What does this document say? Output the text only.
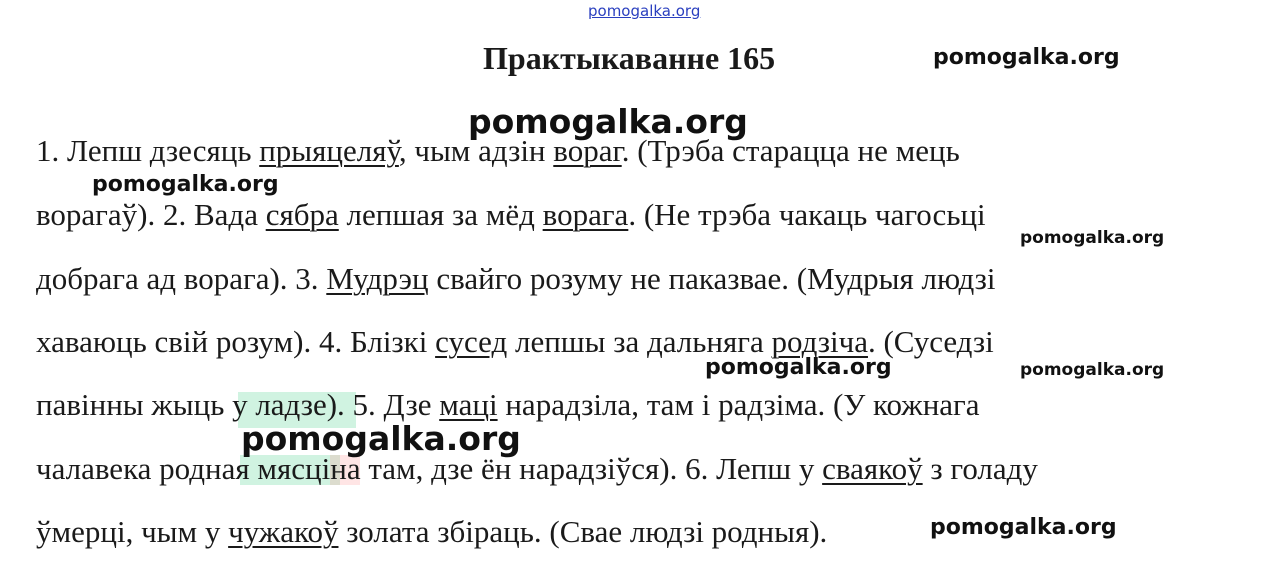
pomogalka.org
Практыкаванне 165
1. Лепш дзесяць прыяцеляў, чым адзін вораг. (Трэба старацца не мець
ворагаў). 2. Вада сябра лепшая за мёд ворага. (Не трэба чакаць чагосьці
добрага ад ворага). 3. Мудрэц свайго розуму не паказвае. (Мудрыя людзі
хаваюць свій розум). 4. Блізкі сусед лепшы за дальняга родзіча. (Суседзі
павінны жыць у ладзе). 5. Дзе маці нарадзіла, там і радзіма. (У кожнага
чалавека родная мясціна там, дзе ён нарадзіўся). 6. Лепш у сваякоў з голаду
ўмерці, чым у чужакоў золата збіраць. (Свае людзі родныя).
pomogalka.org
pomogalka.org
pomogalka.org
pomogalka.org
pomogalka.org	pomogalka.org
pomogalka.org
pomogalka.org
